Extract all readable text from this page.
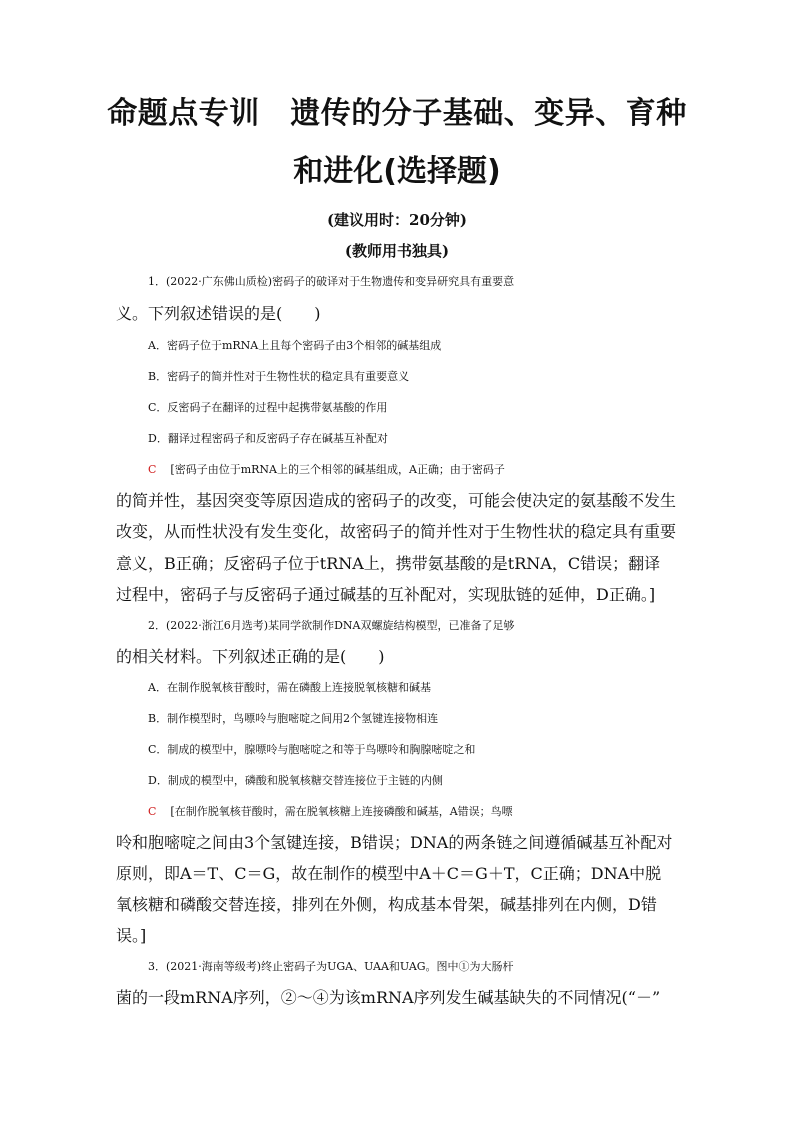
命题点专训　遗传的分子基础、变异、育种
和进化(选择题)
(建议用时：20分钟)
(教师用书独具)
1．(2022·广东佛山质检)密码子的破译对于生物遗传和变异研究具有重要意
义。下列叙述错误的是(　　)
A．密码子位于mRNA上且每个密码子由3个相邻的碱基组成
B．密码子的简并性对于生物性状的稳定具有重要意义
C．反密码子在翻译的过程中起携带氨基酸的作用
D．翻译过程密码子和反密码子存在碱基互补配对
C [密码子由位于mRNA上的三个相邻的碱基组成，A正确；由于密码子
的简并性，基因突变等原因造成的密码子的改变，可能会使决定的氨基酸不发生
改变，从而性状没有发生变化，故密码子的简并性对于生物性状的稳定具有重要
意义，B正确；反密码子位于tRNA上，携带氨基酸的是tRNA，C错误；翻译
过程中，密码子与反密码子通过碱基的互补配对，实现肽链的延伸，D正确。]
2．(2022·浙江6月选考)某同学欲制作DNA双螺旋结构模型，已准备了足够
的相关材料。下列叙述正确的是(　　)
A．在制作脱氧核苷酸时，需在磷酸上连接脱氧核糖和碱基
B．制作模型时，鸟嘌呤与胞嘧啶之间用2个氢键连接物相连
C．制成的模型中，腺嘌呤与胞嘧啶之和等于鸟嘌呤和胸腺嘧啶之和
D．制成的模型中，磷酸和脱氧核糖交替连接位于主链的内侧
C [在制作脱氧核苷酸时，需在脱氧核糖上连接磷酸和碱基，A错误；鸟嘌
呤和胞嘧啶之间由3个氢键连接，B错误；DNA的两条链之间遵循碱基互补配对
原则，即A＝T、C＝G，故在制作的模型中A＋C＝G＋T，C正确；DNA中脱
氧核糖和磷酸交替连接，排列在外侧，构成基本骨架，碱基排列在内侧，D错
误。]
3．(2021·海南等级考)终止密码子为UGA、UAA和UAG。图中①为大肠杆
菌的一段mRNA序列，②～④为该mRNA序列发生碱基缺失的不同情况(“－”
